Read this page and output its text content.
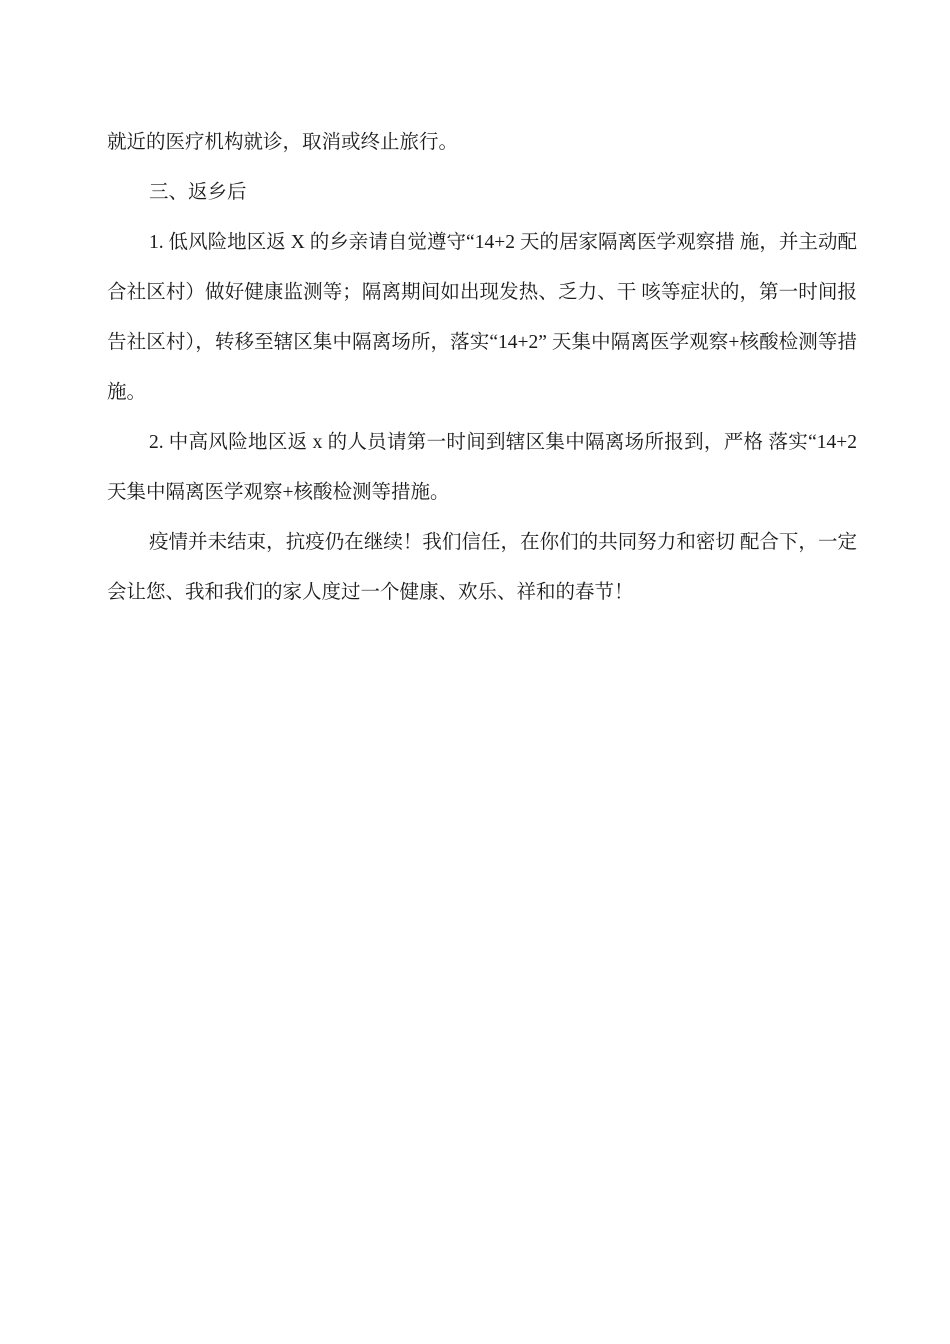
就近的医疗机构就诊，取消或终止旅行。

三、返乡后

1. 低风险地区返 X 的乡亲请自觉遵守“14+2 天的居家隔离医学观察措 施，并主动配合社区村）做好健康监测等；隔离期间如出现发热、乏力、干 咳等症状的，第一时间报告社区村），转移至辖区集中隔离场所，落实“14+2” 天集中隔离医学观察+核酸检测等措施。

2. 中高风险地区返 x 的人员请第一时间到辖区集中隔离场所报到，严格 落实“14+2 天集中隔离医学观察+核酸检测等措施。

疫情并未结束，抗疫仍在继续！我们信任，在你们的共同努力和密切 配合下，一定会让您、我和我们的家人度过一个健康、欢乐、祥和的春节！
